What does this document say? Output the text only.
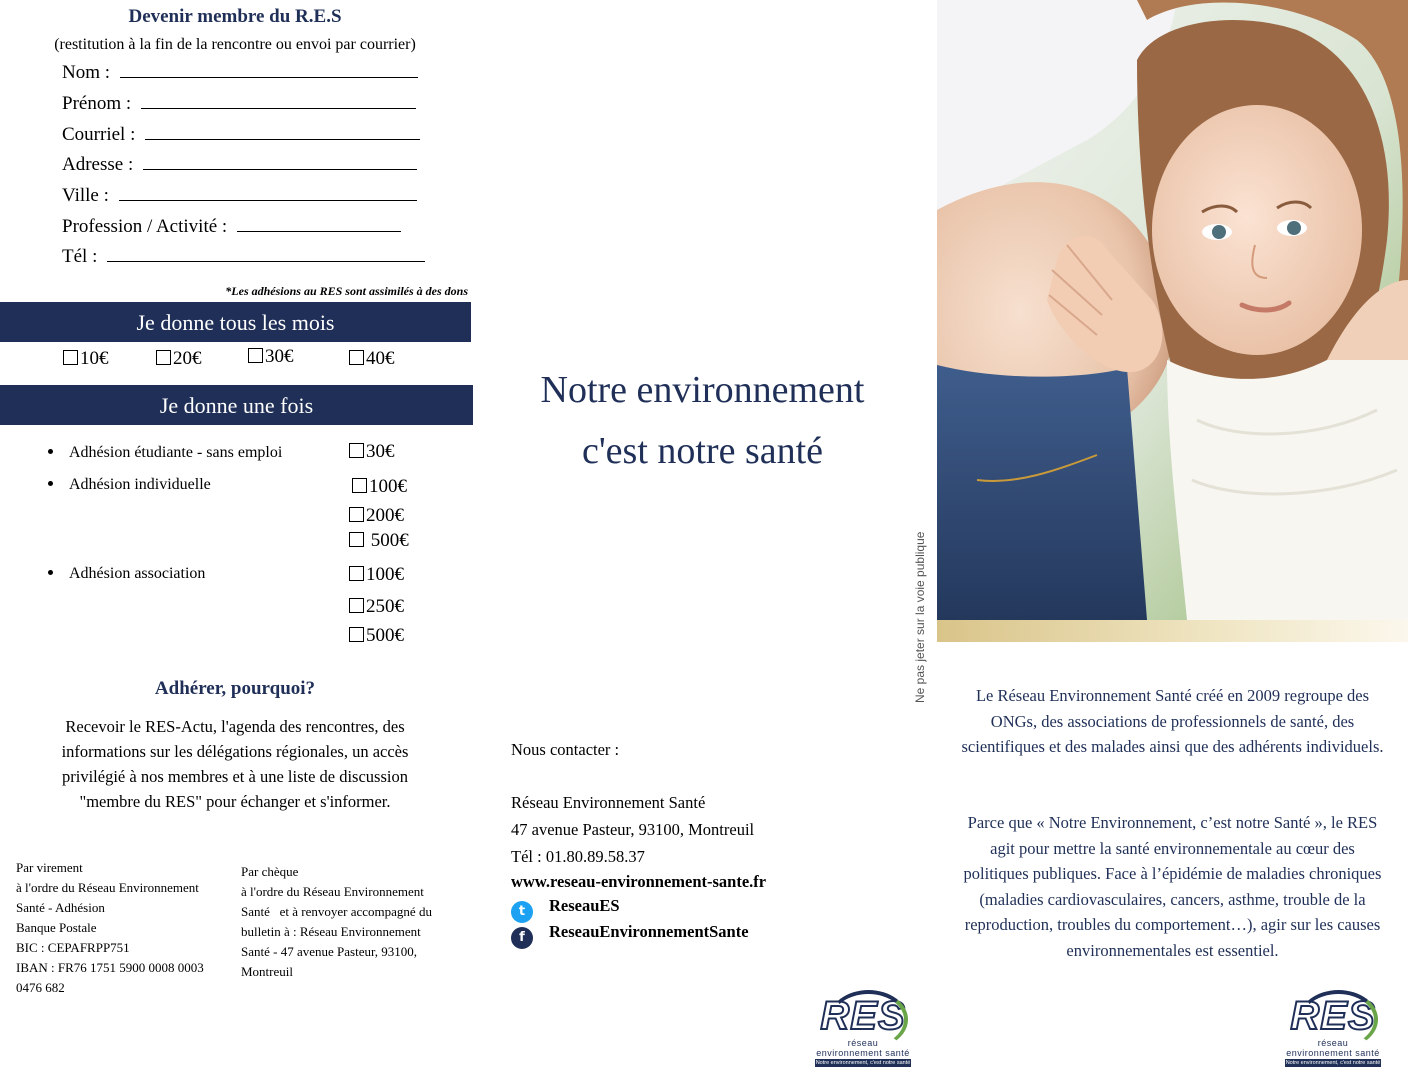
Devenir membre du R.E.S
(restitution à la fin de la rencontre ou envoi par courrier)
Nom :
Prénom :
Courriel :
Adresse :
Ville :
Profession / Activité :
Tél :
*Les adhésions au RES sont assimilés à des dons
Je donne tous les mois
10€	20€	30€	40€
Je donne une fois
Adhésion étudiante - sans emploi	30€
Adhésion individuelle	100€
200€
500€
Adhésion association	100€
250€
500€
Adhérer, pourquoi?
Recevoir le RES-Actu, l'agenda des rencontres, des informations sur les délégations régionales, un accès privilégié à nos membres et à une liste de discussion "membre du RES" pour échanger et s'informer.
Par virement
à l'ordre du Réseau Environnement
Santé - Adhésion
Banque Postale
BIC : CEPAFRPP751
IBAN : FR76 1751 5900 0008 0003
0476 682
Par chèque
à l'ordre du Réseau Environnement
Santé   et à renvoyer accompagné du
bulletin à : Réseau Environnement
Santé - 47 avenue Pasteur, 93100,
Montreuil
Notre environnement
c'est notre santé
Nous contacter :
Réseau Environnement Santé
47 avenue Pasteur, 93100, Montreuil
Tél : 01.80.89.58.37
www.reseau-environnement-sante.fr
t ReseauES
f ReseauEnvironnementSante
Ne pas jeter sur la voie publique
RES
réseau environnement santé
Notre environnement, c'est notre santé
Le Réseau Environnement Santé créé en 2009 regroupe des ONGs, des associations de professionnels de santé, des scientifiques et des malades ainsi que des adhérents individuels.
Parce que « Notre Environnement, c’est notre Santé », le RES agit pour mettre la santé environnementale au cœur des politiques publiques. Face à l’épidémie de maladies chroniques (maladies cardiovasculaires, cancers, asthme, trouble de la reproduction, troubles du comportement…), agir sur les causes environnementales est essentiel.
RES
réseau environnement santé
Notre environnement, c'est notre santé
